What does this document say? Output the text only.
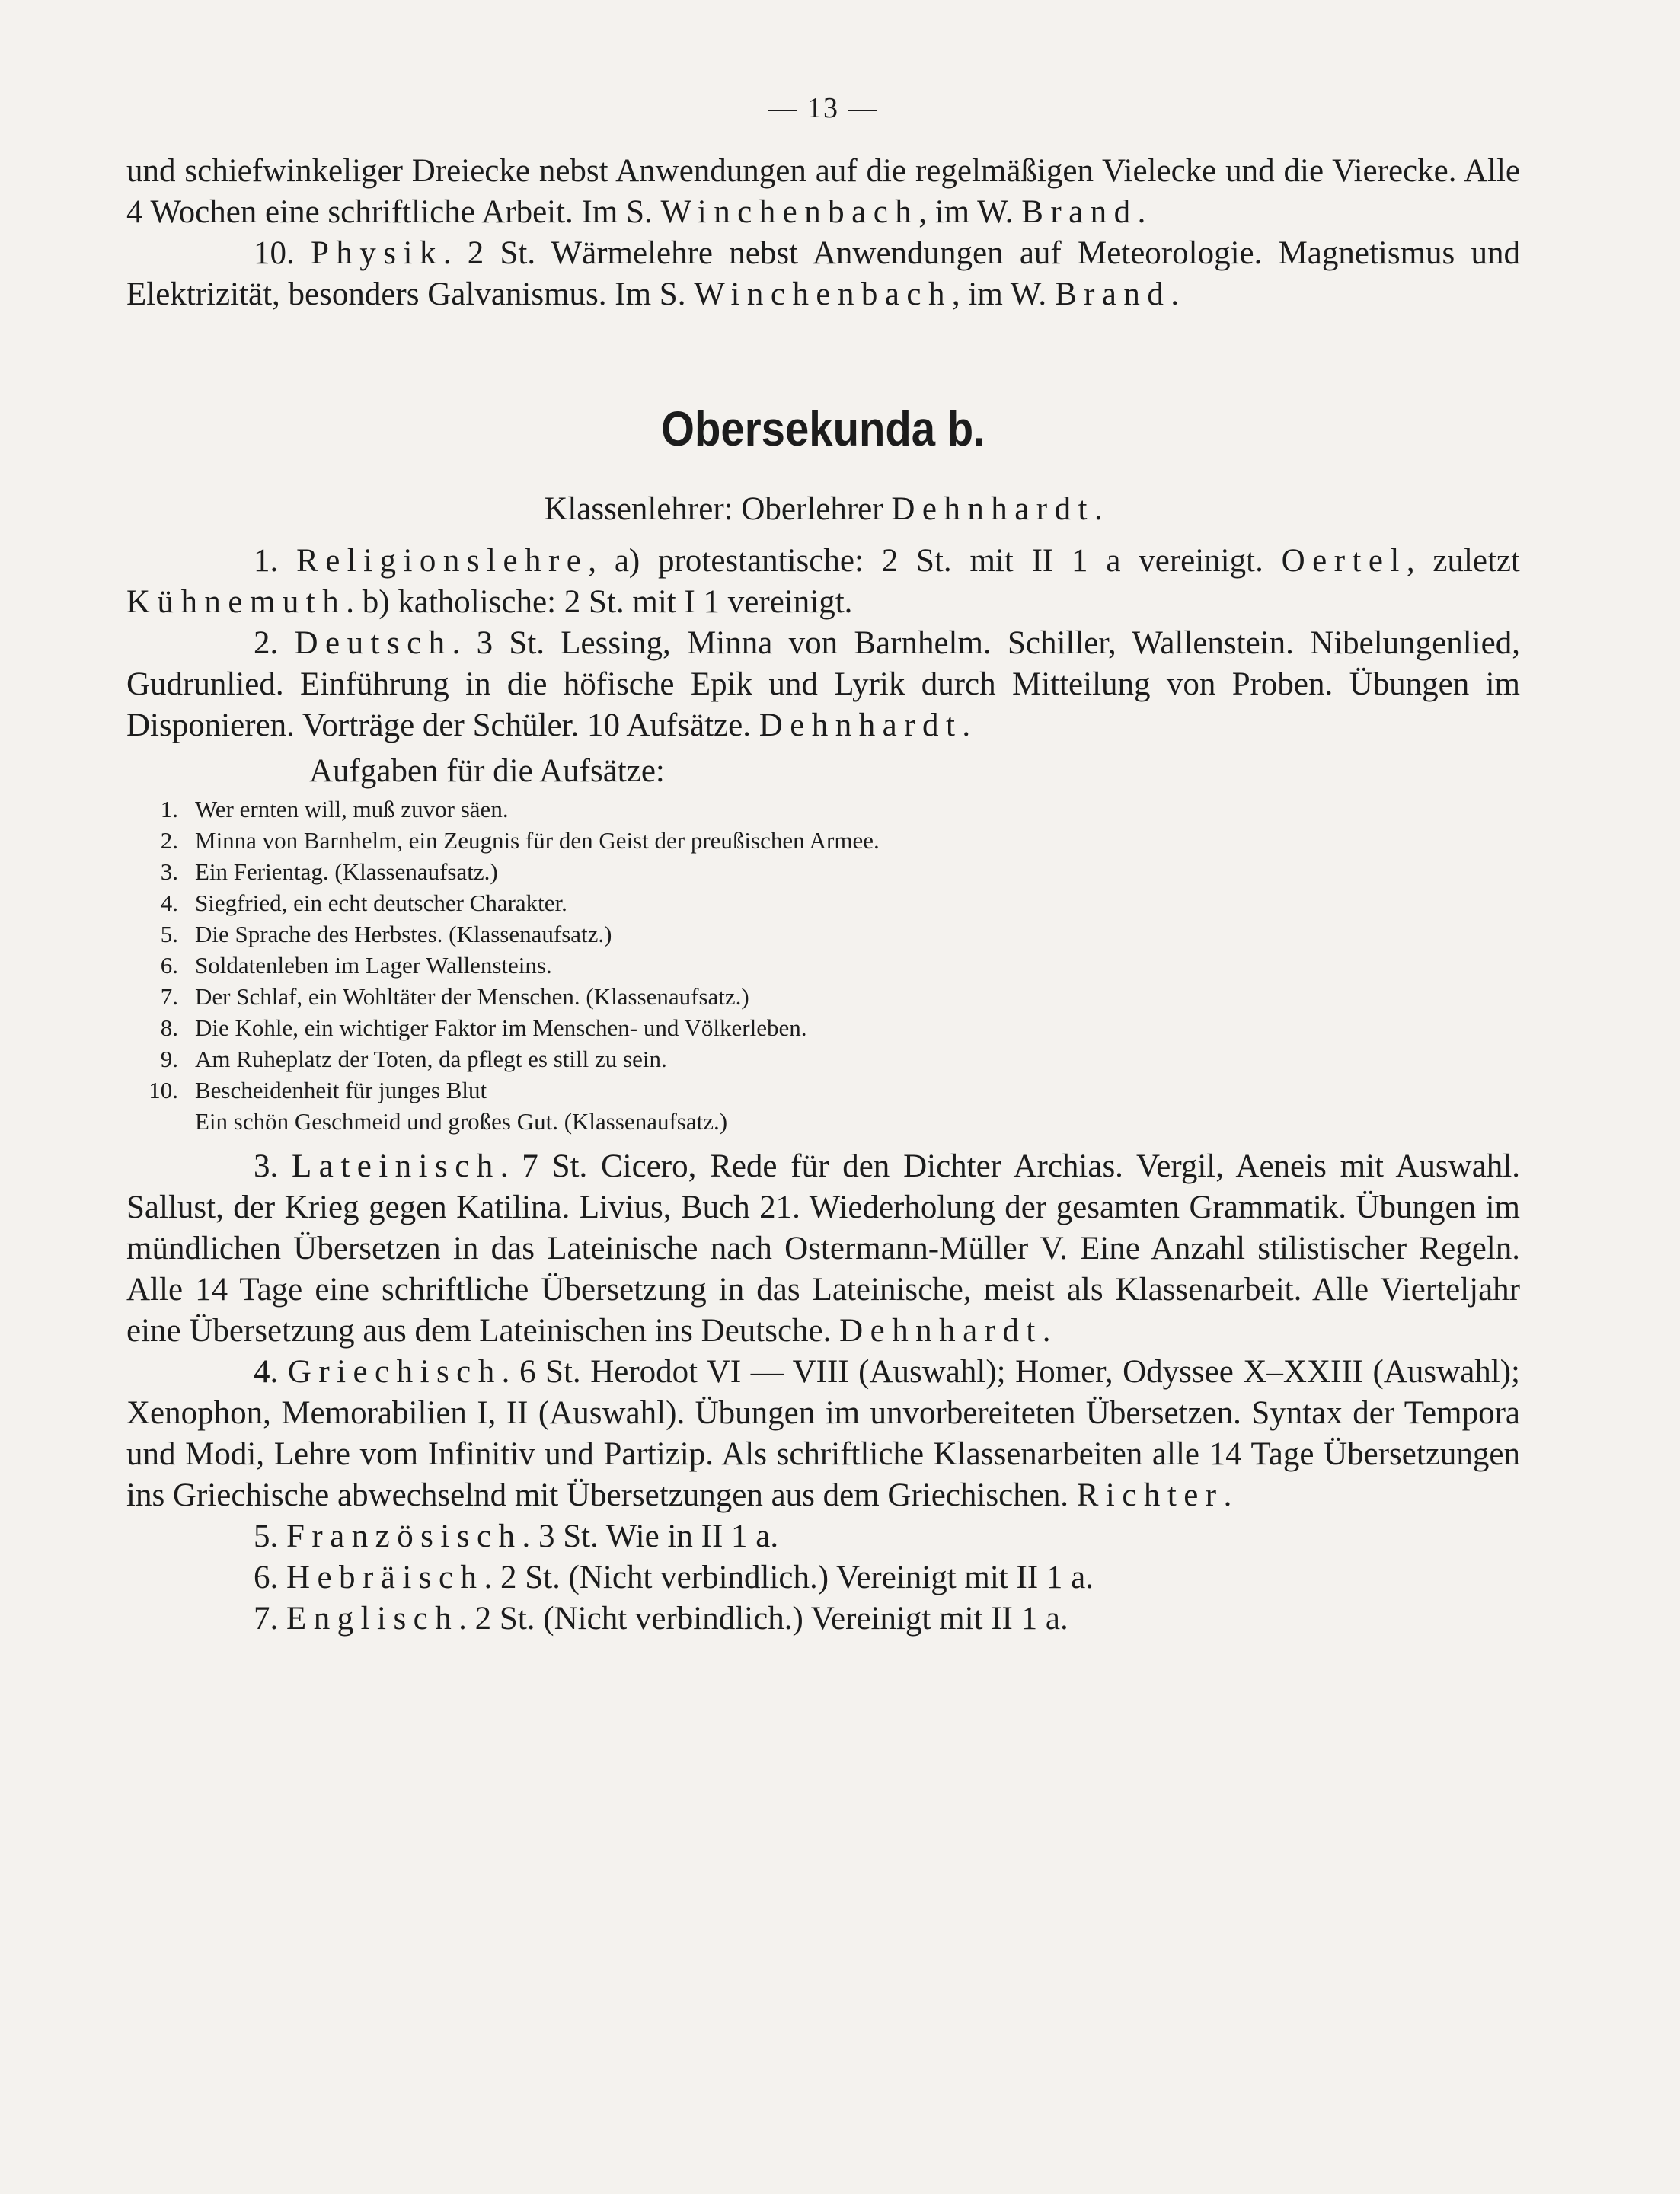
— 13 —

und schiefwinkeliger Dreiecke nebst Anwendungen auf die regelmäßigen Vielecke und die Vierecke. Alle 4 Wochen eine schriftliche Arbeit. Im S. Winchenbach, im W. Brand.

10. Physik. 2 St. Wärmelehre nebst Anwendungen auf Meteorologie. Magnetismus und Elektrizität, besonders Galvanismus. Im S. Winchenbach, im W. Brand.

Obersekunda b.

Klassenlehrer: Oberlehrer Dehnhardt.

1. Religionslehre, a) protestantische: 2 St. mit II 1 a vereinigt. Oertel, zuletzt Kühnemuth. b) katholische: 2 St. mit I 1 vereinigt.

2. Deutsch. 3 St. Lessing, Minna von Barnhelm. Schiller, Wallenstein. Nibelungenlied, Gudrunlied. Einführung in die höfische Epik und Lyrik durch Mitteilung von Proben. Übungen im Disponieren. Vorträge der Schüler. 10 Aufsätze. Dehnhardt.

Aufgaben für die Aufsätze:
1. Wer ernten will, muß zuvor säen.
2. Minna von Barnhelm, ein Zeugnis für den Geist der preußischen Armee.
3. Ein Ferientag. (Klassenaufsatz.)
4. Siegfried, ein echt deutscher Charakter.
5. Die Sprache des Herbstes. (Klassenaufsatz.)
6. Soldatenleben im Lager Wallensteins.
7. Der Schlaf, ein Wohltäter der Menschen. (Klassenaufsatz.)
8. Die Kohle, ein wichtiger Faktor im Menschen- und Völkerleben.
9. Am Ruheplatz der Toten, da pflegt es still zu sein.
10. Bescheidenheit für junges Blut
Ein schön Geschmeid und großes Gut. (Klassenaufsatz.)

3. Lateinisch. 7 St. Cicero, Rede für den Dichter Archias. Vergil, Aeneis mit Auswahl. Sallust, der Krieg gegen Katilina. Livius, Buch 21. Wiederholung der gesamten Grammatik. Übungen im mündlichen Übersetzen in das Lateinische nach Ostermann-Müller V. Eine Anzahl stilistischer Regeln. Alle 14 Tage eine schriftliche Übersetzung in das Lateinische, meist als Klassenarbeit. Alle Vierteljahr eine Übersetzung aus dem Lateinischen ins Deutsche. Dehnhardt.

4. Griechisch. 6 St. Herodot VI — VIII (Auswahl); Homer, Odyssee X–XXIII (Auswahl); Xenophon, Memorabilien I, II (Auswahl). Übungen im unvorbereiteten Übersetzen. Syntax der Tempora und Modi, Lehre vom Infinitiv und Partizip. Als schriftliche Klassenarbeiten alle 14 Tage Übersetzungen ins Griechische abwechselnd mit Übersetzungen aus dem Griechischen. Richter.

5. Französisch. 3 St. Wie in II 1 a.

6. Hebräisch. 2 St. (Nicht verbindlich.) Vereinigt mit II 1 a.

7. Englisch. 2 St. (Nicht verbindlich.) Vereinigt mit II 1 a.
